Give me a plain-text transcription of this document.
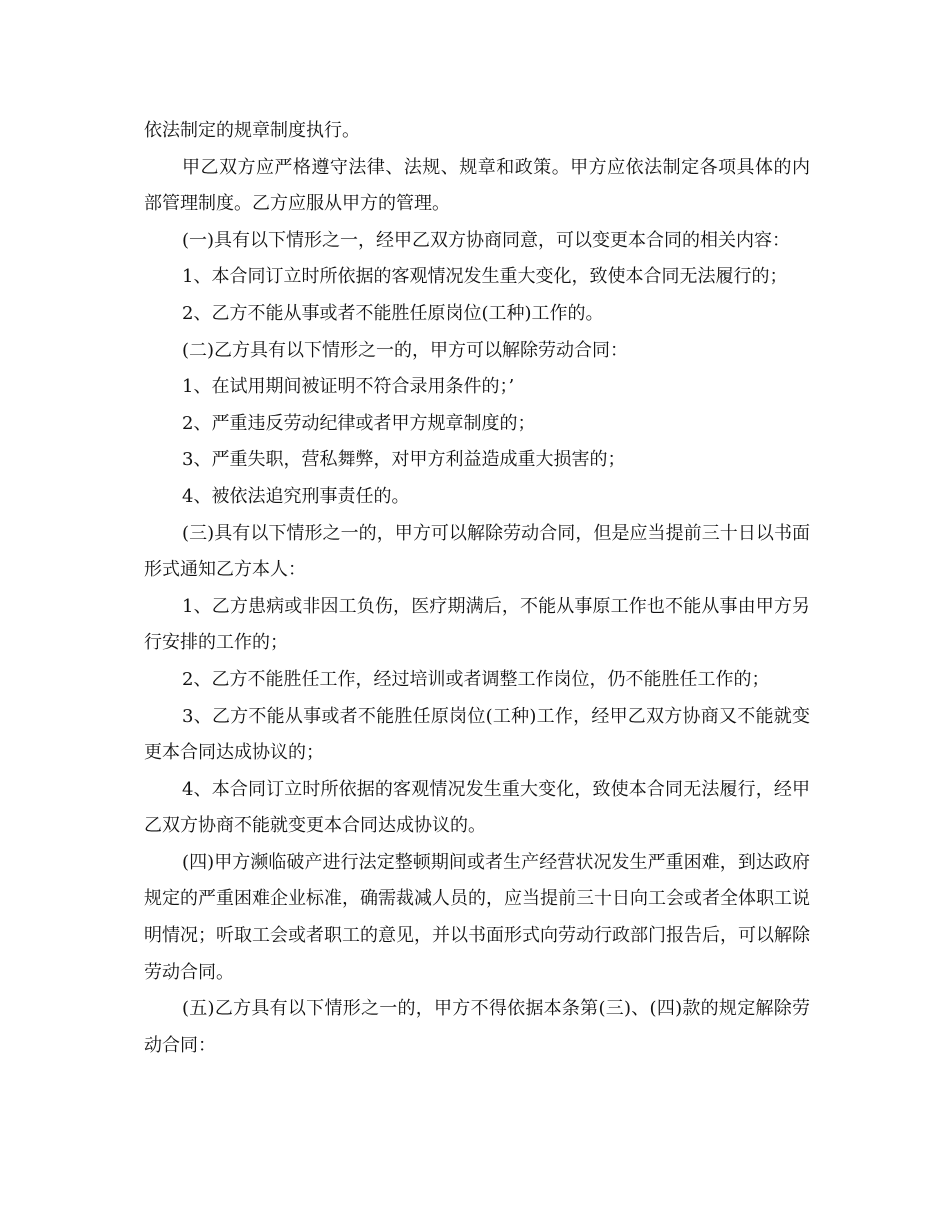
依法制定的规章制度执行。

甲乙双方应严格遵守法律、法规、规章和政策。甲方应依法制定各项具体的内部管理制度。乙方应服从甲方的管理。

(一)具有以下情形之一，经甲乙双方协商同意，可以变更本合同的相关内容：

1、本合同订立时所依据的客观情况发生重大变化，致使本合同无法履行的；

2、乙方不能从事或者不能胜任原岗位(工种)工作的。

(二)乙方具有以下情形之一的，甲方可以解除劳动合同：

1、在试用期间被证明不符合录用条件的；’

2、严重违反劳动纪律或者甲方规章制度的；

3、严重失职，营私舞弊，对甲方利益造成重大损害的；

4、被依法追究刑事责任的。

(三)具有以下情形之一的，甲方可以解除劳动合同，但是应当提前三十日以书面形式通知乙方本人：

1、乙方患病或非因工负伤，医疗期满后，不能从事原工作也不能从事由甲方另行安排的工作的；

2、乙方不能胜任工作，经过培训或者调整工作岗位，仍不能胜任工作的；

3、乙方不能从事或者不能胜任原岗位(工种)工作，经甲乙双方协商又不能就变更本合同达成协议的；

4、本合同订立时所依据的客观情况发生重大变化，致使本合同无法履行，经甲乙双方协商不能就变更本合同达成协议的。

(四)甲方濒临破产进行法定整顿期间或者生产经营状况发生严重困难，到达政府规定的严重困难企业标准，确需裁减人员的，应当提前三十日向工会或者全体职工说明情况；听取工会或者职工的意见，并以书面形式向劳动行政部门报告后，可以解除劳动合同。

(五)乙方具有以下情形之一的，甲方不得依据本条第(三)、(四)款的规定解除劳动合同：
